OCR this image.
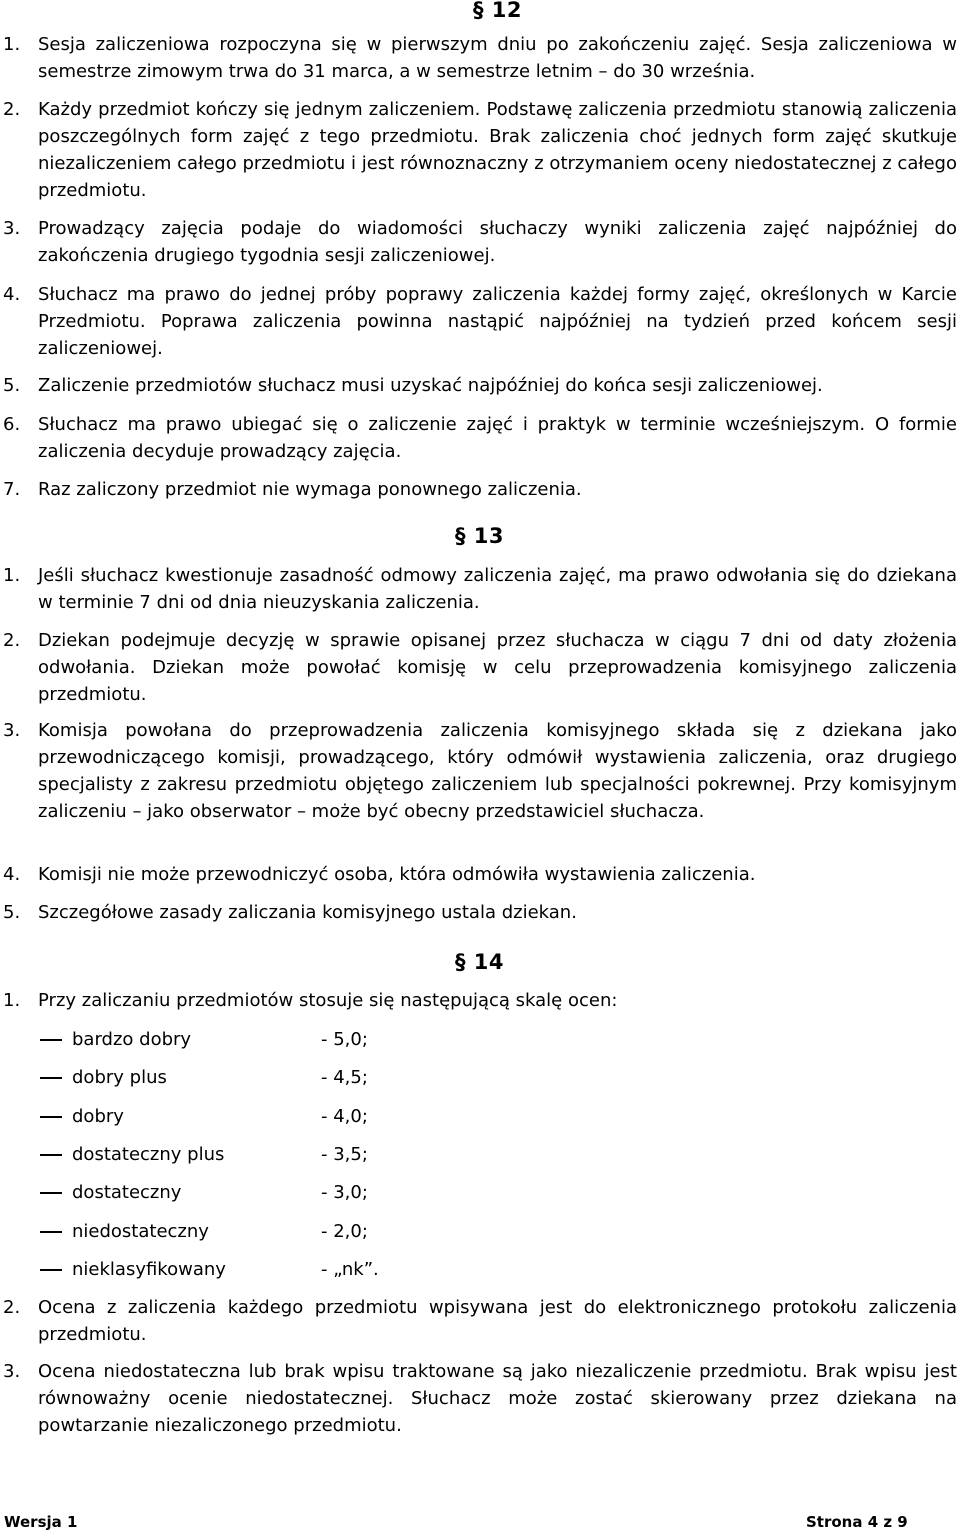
§ 12
1. Sesja zaliczeniowa rozpoczyna się w pierwszym dniu po zakończeniu zajęć. Sesja zaliczeniowa w semestrze zimowym trwa do 31 marca, a w semestrze letnim – do 30 września.
2. Każdy przedmiot kończy się jednym zaliczeniem. Podstawę zaliczenia przedmiotu stanowią zaliczenia poszczególnych form zajęć z tego przedmiotu. Brak zaliczenia choć jednych form zajęć skutkuje niezaliczeniem całego przedmiotu i jest równoznaczny z otrzymaniem oceny niedostatecznej z całego przedmiotu.
3. Prowadzący zajęcia podaje do wiadomości słuchaczy wyniki zaliczenia zajęć najpóźniej do zakończenia drugiego tygodnia sesji zaliczeniowej.
4. Słuchacz ma prawo do jednej próby poprawy zaliczenia każdej formy zajęć, określonych w Karcie Przedmiotu. Poprawa zaliczenia powinna nastąpić najpóźniej na tydzień przed końcem sesji zaliczeniowej.
5. Zaliczenie przedmiotów słuchacz musi uzyskać najpóźniej do końca sesji zaliczeniowej.
6. Słuchacz ma prawo ubiegać się o zaliczenie zajęć i praktyk w terminie wcześniejszym. O formie zaliczenia decyduje prowadzący zajęcia.
7. Raz zaliczony przedmiot nie wymaga ponownego zaliczenia.
§ 13
1. Jeśli słuchacz kwestionuje zasadność odmowy zaliczenia zajęć, ma prawo odwołania się do dziekana w terminie 7 dni od dnia nieuzyskania zaliczenia.
2. Dziekan podejmuje decyzję w sprawie opisanej przez słuchacza w ciągu 7 dni od daty złożenia odwołania. Dziekan może powołać komisję w celu przeprowadzenia komisyjnego zaliczenia przedmiotu.
3. Komisja powołana do przeprowadzenia zaliczenia komisyjnego składa się z dziekana jako przewodniczącego komisji, prowadzącego, który odmówił wystawienia zaliczenia, oraz drugiego specjalisty z zakresu przedmiotu objętego zaliczeniem lub specjalności pokrewnej. Przy komisyjnym zaliczeniu – jako obserwator – może być obecny przedstawiciel słuchacza.
4. Komisji nie może przewodniczyć osoba, która odmówiła wystawienia zaliczenia.
5. Szczegółowe zasady zaliczania komisyjnego ustala dziekan.
§ 14
1. Przy zaliczaniu przedmiotów stosuje się następującą skalę ocen:
bardzo dobry	- 5,0;
dobry plus	- 4,5;
dobry	- 4,0;
dostateczny plus	- 3,5;
dostateczny	- 3,0;
niedostateczny	- 2,0;
nieklasyfikowany	- „nk”.
2. Ocena z zaliczenia każdego przedmiotu wpisywana jest do elektronicznego protokołu zaliczenia przedmiotu.
3. Ocena niedostateczna lub brak wpisu traktowane są jako niezaliczenie przedmiotu. Brak wpisu jest równoważny ocenie niedostatecznej. Słuchacz może zostać skierowany przez dziekana na powtarzanie niezaliczonego przedmiotu.
Wersja 1	Strona 4 z 9
